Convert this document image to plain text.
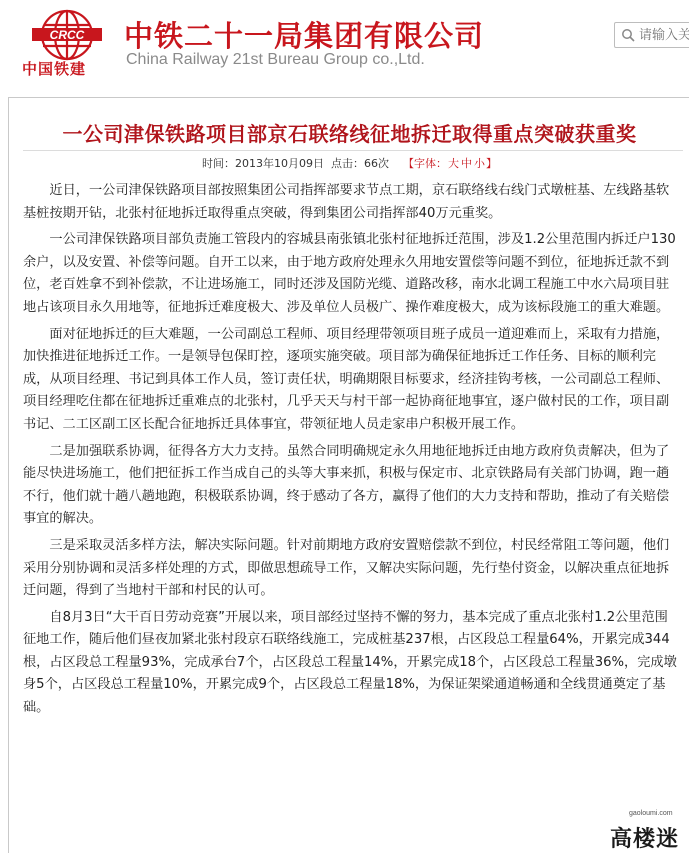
CRCC
中国铁建
中铁二十一局集团有限公司
China Railway 21st Bureau Group co.,Ltd.
请输入关
一公司津保铁路项目部京石联络线征地拆迁取得重点突破获重奖
时间：2013年10月09日 点击：66次 【字体：大 中 小】

近日，一公司津保铁路项目部按照集团公司指挥部要求节点工期，京石联络线右线门式墩桩基、左线路基软基桩按期开钻，北张村征地拆迁取得重点突破，得到集团公司指挥部40万元重奖。

一公司津保铁路项目部负责施工管段内的容城县南张镇北张村征地拆迁范围，涉及1.2公里范围内拆迁户130余户，以及安置、补偿等问题。自开工以来，由于地方政府处理永久用地安置偿等问题不到位，征地拆迁款不到位，老百姓拿不到补偿款，不让进场施工，同时还涉及国防光缆、道路改移，南水北调工程施工中水六局项目驻地占该项目永久用地等，征地拆迁难度极大、涉及单位人员极广、操作难度极大，成为该标段施工的重大难题。

面对征地拆迁的巨大难题，一公司副总工程师、项目经理带领项目班子成员一道迎难而上，采取有力措施，加快推进征地拆迁工作。一是领导包保盯控，逐项实施突破。项目部为确保征地拆迁工作任务、目标的顺利完成，从项目经理、书记到具体工作人员，签订责任状，明确期限目标要求，经济挂钩考核，一公司副总工程师、项目经理吃住都在征地拆迁重难点的北张村，几乎天天与村干部一起协商征地事宜，逐户做村民的工作，项目副书记、二工区副工区长配合征地拆迁具体事宜，带领征地人员走家串户积极开展工作。

二是加强联系协调，征得各方大力支持。虽然合同明确规定永久用地征地拆迁由地方政府负责解决，但为了能尽快进场施工，他们把征拆工作当成自己的头等大事来抓，积极与保定市、北京铁路局有关部门协调，跑一趟不行，他们就十趟八趟地跑，积极联系协调，终于感动了各方，赢得了他们的大力支持和帮助，推动了有关赔偿事宜的解决。

三是采取灵活多样方法，解决实际问题。针对前期地方政府安置赔偿款不到位，村民经常阻工等问题，他们采用分别协调和灵活多样处理的方式，即做思想疏导工作，又解决实际问题，先行垫付资金，以解决重点征地拆迁问题，得到了当地村干部和村民的认可。

自8月3日“大干百日劳动竞赛”开展以来，项目部经过坚持不懈的努力，基本完成了重点北张村1.2公里范围征地工作，随后他们昼夜加紧北张村段京石联络线施工，完成桩基237根，占区段总工程量64%，开累完成344根，占区段总工程量93%，完成承台7个，占区段总工程量14%，开累完成18个，占区段总工程量36%，完成墩身5个，占区段总工程量10%，开累完成9个，占区段总工程量18%，为保证架梁通道畅通和全线贯通奠定了基础。

gaoloumi.com
高楼迷
